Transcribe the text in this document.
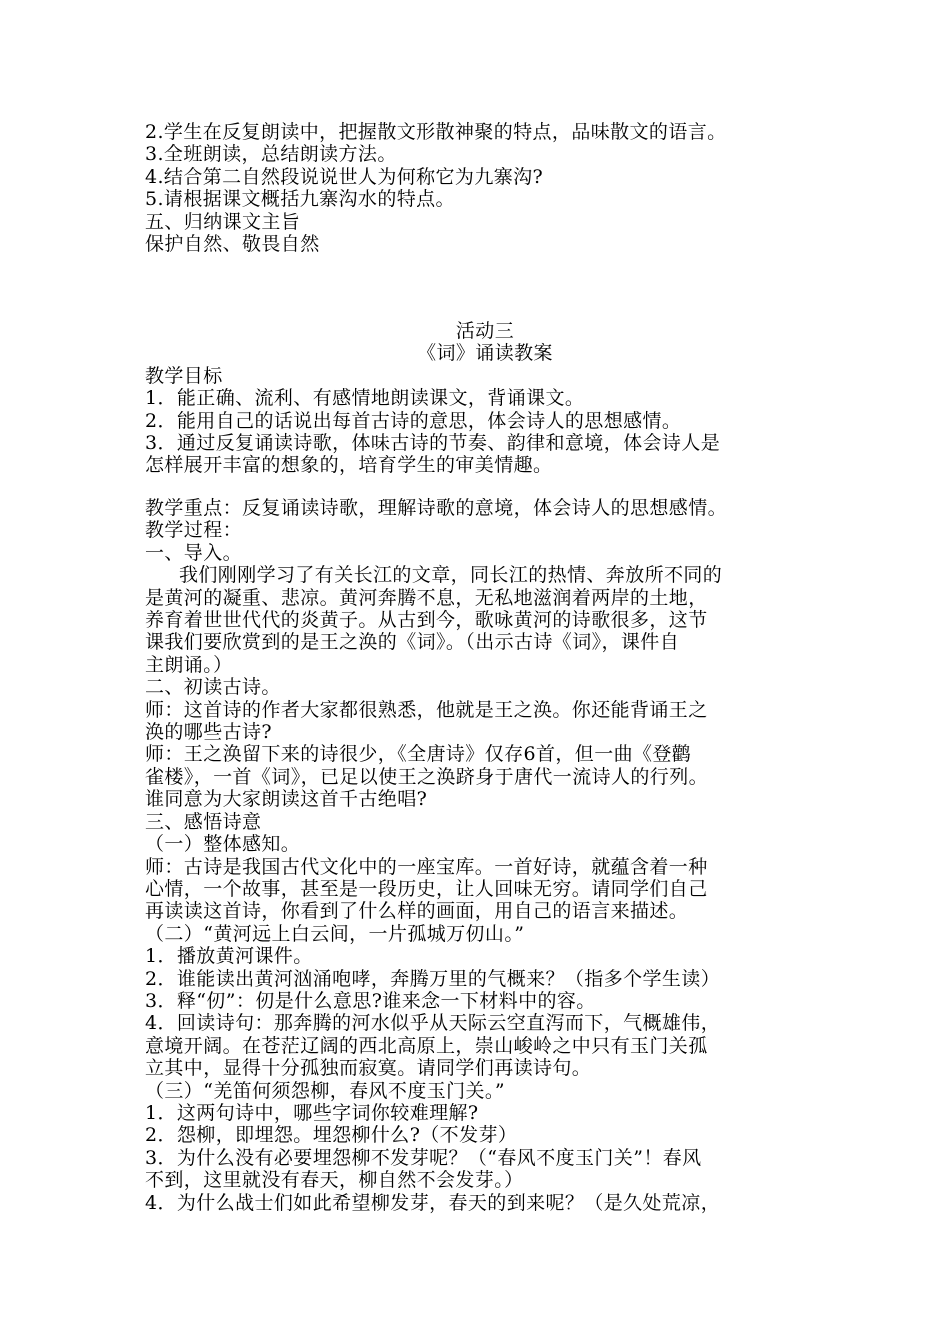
2.学生在反复朗读中，把握散文形散神聚的特点，品味散文的语言。
3.全班朗读，总结朗读方法。
4.结合第二自然段说说世人为何称它为九寨沟?
5.请根据课文概括九寨沟水的特点。
五、归纳课文主旨
保护自然、敬畏自然
活动三
《词》诵读教案
教学目标
1．能正确、流利、有感情地朗读课文，背诵课文。
2．能用自己的话说出每首古诗的意思，体会诗人的思想感情。
3．通过反复诵读诗歌，体味古诗的节奏、韵律和意境，体会诗人是
怎样展开丰富的想象的，培育学生的审美情趣。
教学重点：反复诵读诗歌，理解诗歌的意境，体会诗人的思想感情。
教学过程：
一、导入。
我们刚刚学习了有关长江的文章，同长江的热情、奔放所不同的
是黄河的凝重、悲凉。黄河奔腾不息，无私地滋润着两岸的土地，
养育着世世代代的炎黄子。从古到今，歌咏黄河的诗歌很多，这节
课我们要欣赏到的是王之涣的《词》。（出示古诗《词》，课件自
主朗诵。）
二、初读古诗。
师：这首诗的作者大家都很熟悉，他就是王之涣。你还能背诵王之
涣的哪些古诗?
师：王之涣留下来的诗很少，《全唐诗》仅存6首，但一曲《登鹳
雀楼》，一首《词》，已足以使王之涣跻身于唐代一流诗人的行列。
谁同意为大家朗读这首千古绝唱?
三、感悟诗意
（一）整体感知。
师：古诗是我国古代文化中的一座宝库。一首好诗，就蕴含着一种
心情，一个故事，甚至是一段历史，让人回味无穷。请同学们自己
再读读这首诗，你看到了什么样的画面，用自己的语言来描述。
（二）“黄河远上白云间，一片孤城万仞山。”
1．播放黄河课件。
2．谁能读出黄河汹涌咆哮，奔腾万里的气概来？（指多个学生读）
3．释“仞”：仞是什么意思?谁来念一下材料中的容。
4．回读诗句：那奔腾的河水似乎从天际云空直泻而下，气概雄伟，
意境开阔。在苍茫辽阔的西北高原上，崇山峻岭之中只有玉门关孤
立其中，显得十分孤独而寂寞。请同学们再读诗句。
（三）“羌笛何须怨柳，春风不度玉门关。”
1．这两句诗中，哪些字词你较难理解?
2．怨柳，即埋怨。埋怨柳什么?（不发芽）
3．为什么没有必要埋怨柳不发芽呢？（“春风不度玉门关”！春风
不到，这里就没有春天，柳自然不会发芽。）
4．为什么战士们如此希望柳发芽，春天的到来呢？（是久处荒凉，
